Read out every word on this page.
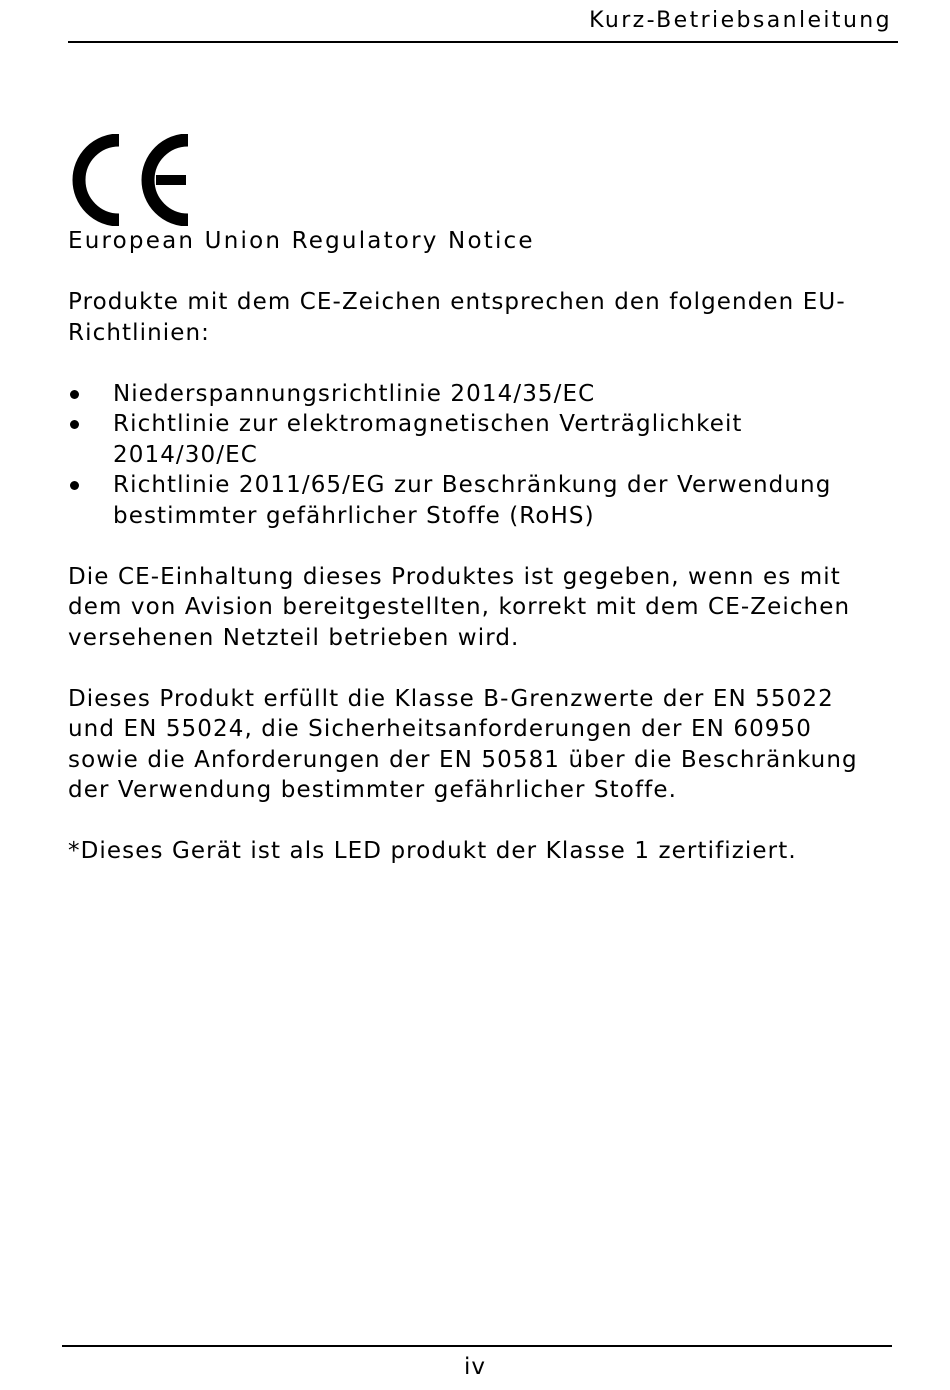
Kurz-Betriebsanleitung

European Union Regulatory Notice

Produkte mit dem CE-Zeichen entsprechen den folgenden EU-
Richtlinien:

Niederspannungsrichtlinie 2014/35/EC
Richtlinie zur elektromagnetischen Verträglichkeit
2014/30/EC
Richtlinie 2011/65/EG zur Beschränkung der Verwendung
bestimmter gefährlicher Stoffe (RoHS)

Die CE-Einhaltung dieses Produktes ist gegeben, wenn es mit
dem von Avision bereitgestellten, korrekt mit dem CE-Zeichen
versehenen Netzteil betrieben wird.

Dieses Produkt erfüllt die Klasse B-Grenzwerte der EN 55022
und EN 55024, die Sicherheitsanforderungen der EN 60950
sowie die Anforderungen der EN 50581 über die Beschränkung
der Verwendung bestimmter gefährlicher Stoffe.

*Dieses Gerät ist als LED produkt der Klasse 1 zertifiziert.

iv
